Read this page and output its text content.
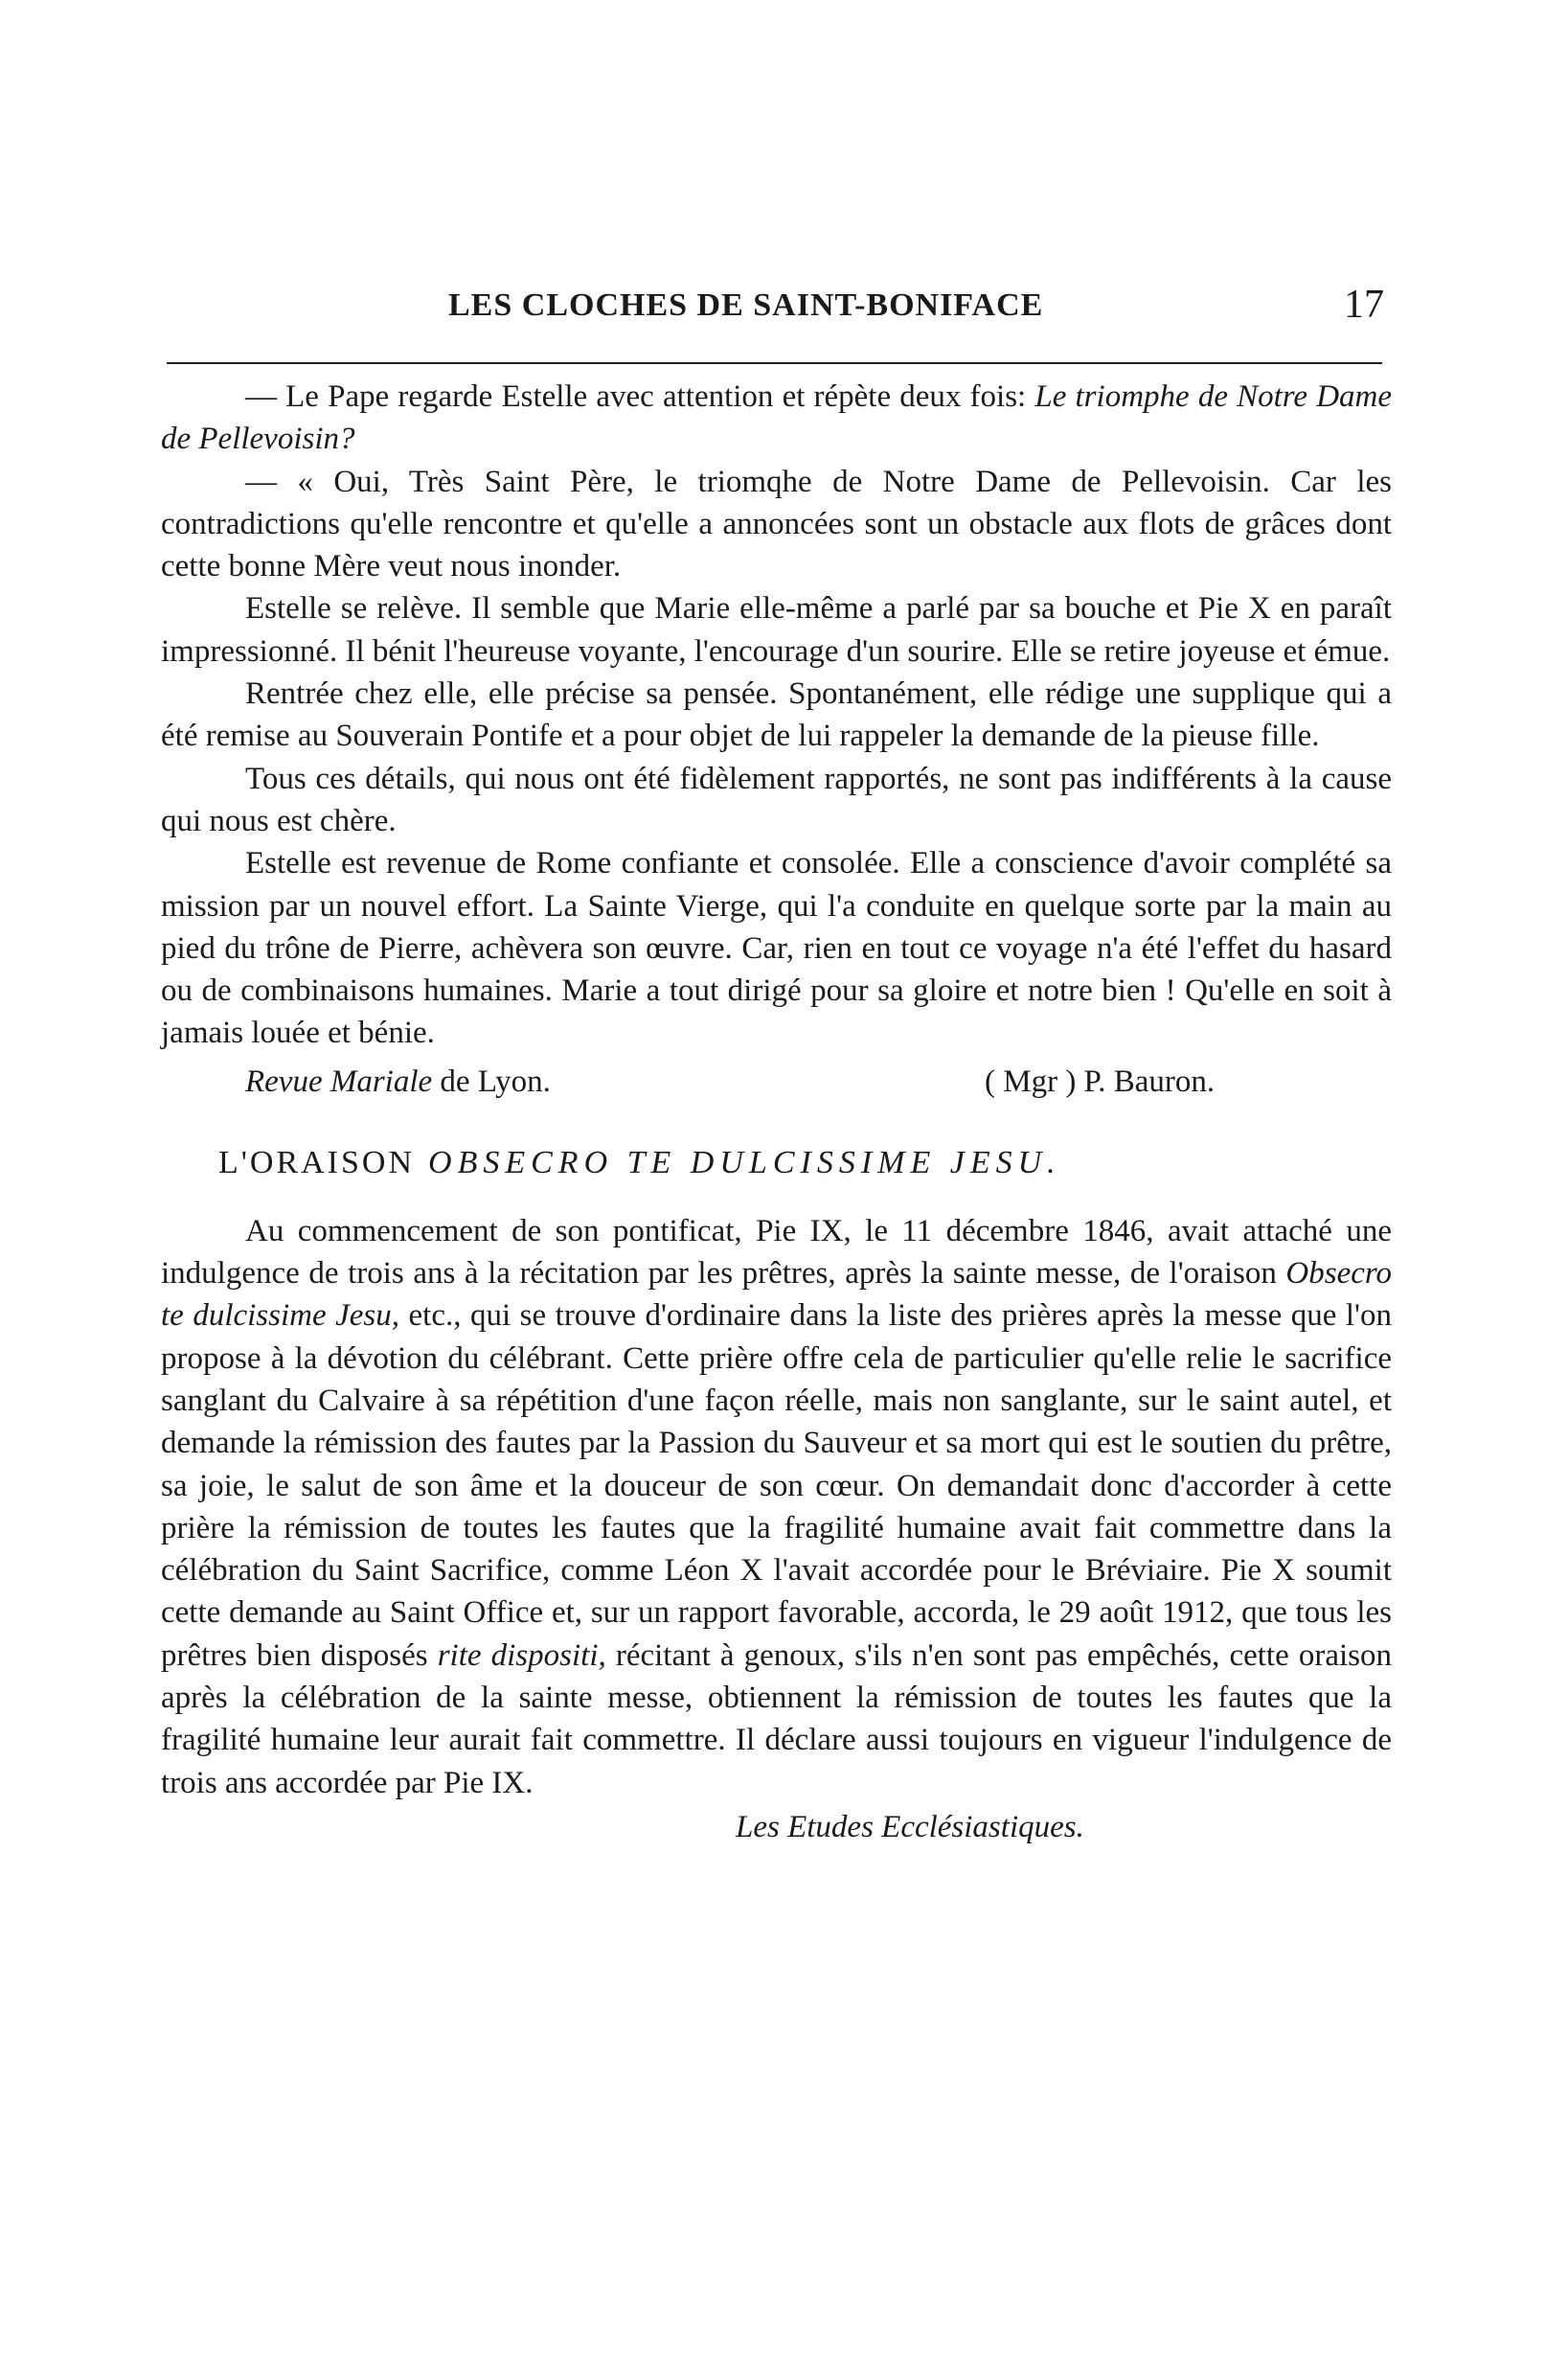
LES CLOCHES DE SAINT-BONIFACE	17

— Le Pape regarde Estelle avec attention et répète deux fois: Le triomphe de Notre Dame de Pellevoisin?

— « Oui, Très Saint Père, le triomqhe de Notre Dame de Pellevoisin. Car les contradictions qu'elle rencontre et qu'elle a annoncées sont un obstacle aux flots de grâces dont cette bonne Mère veut nous inonder.

Estelle se relève. Il semble que Marie elle-même a parlé par sa bouche et Pie X en paraît impressionné. Il bénit l'heureuse voyante, l'encourage d'un sourire. Elle se retire joyeuse et émue.

Rentrée chez elle, elle précise sa pensée. Spontanément, elle rédige une supplique qui a été remise au Souverain Pontife et a pour objet de lui rappeler la demande de la pieuse fille.

Tous ces détails, qui nous ont été fidèlement rapportés, ne sont pas indifférents à la cause qui nous est chère.

Estelle est revenue de Rome confiante et consolée. Elle a conscience d'avoir complété sa mission par un nouvel effort. La Sainte Vierge, qui l'a conduite en quelque sorte par la main au pied du trône de Pierre, achèvera son œuvre. Car, rien en tout ce voyage n'a été l'effet du hasard ou de combinaisons humaines. Marie a tout dirigé pour sa gloire et notre bien ! Qu'elle en soit à jamais louée et bénie.

Revue Mariale de Lyon.	( Mgr ) P. Bauron.
L'ORAISON OBSECRO TE DULCISSIME JESU.

Au commencement de son pontificat, Pie IX, le 11 décembre 1846, avait attaché une indulgence de trois ans à la récitation par les prêtres, après la sainte messe, de l'oraison Obsecro te dulcissime Jesu, etc., qui se trouve d'ordinaire dans la liste des prières après la messe que l'on propose à la dévotion du célébrant. Cette prière offre cela de particulier qu'elle relie le sacrifice sanglant du Calvaire à sa répétition d'une façon réelle, mais non sanglante, sur le saint autel, et demande la rémission des fautes par la Passion du Sauveur et sa mort qui est le soutien du prêtre, sa joie, le salut de son âme et la douceur de son cœur. On demandait donc d'accorder à cette prière la rémission de toutes les fautes que la fragilité humaine avait fait commettre dans la célébration du Saint Sacrifice, comme Léon X l'avait accordée pour le Bréviaire. Pie X soumit cette demande au Saint Office et, sur un rapport favorable, accorda, le 29 août 1912, que tous les prêtres bien disposés rite dispositi, récitant à genoux, s'ils n'en sont pas empêchés, cette oraison après la célébration de la sainte messe, obtiennent la rémission de toutes les fautes que la fragilité humaine leur aurait fait commettre. Il déclare aussi toujours en vigueur l'indulgence de trois ans accordée par Pie IX.

Les Etudes Ecclésiastiques.
